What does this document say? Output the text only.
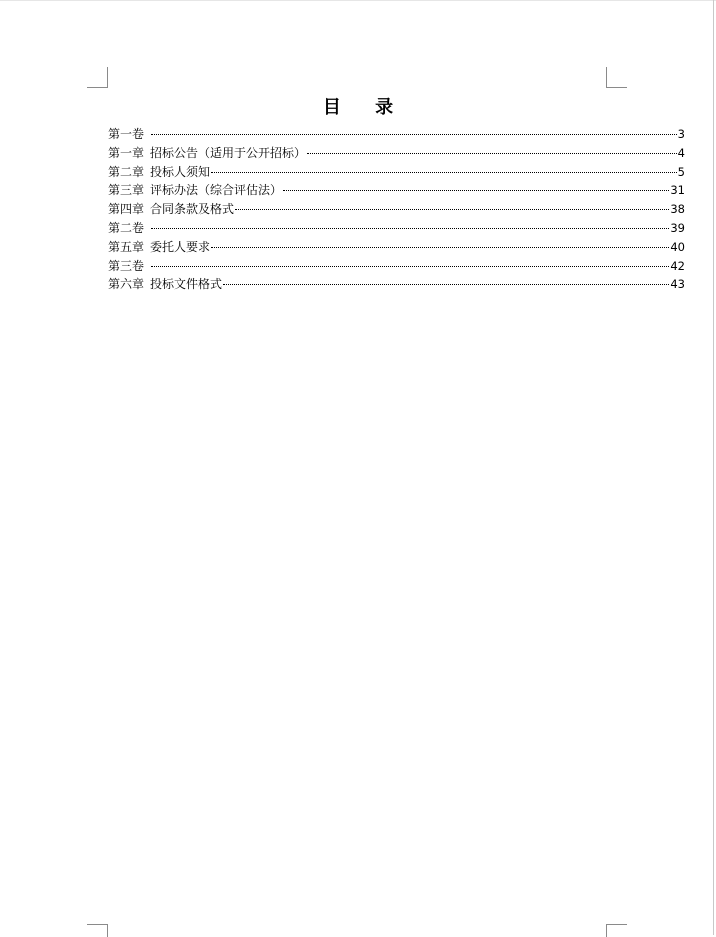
目 录
第一卷	3
第一章 招标公告（适用于公开招标）	4
第二章 投标人须知	5
第三章 评标办法（综合评估法）	31
第四章 合同条款及格式	38
第二卷	39
第五章 委托人要求	40
第三卷	42
第六章 投标文件格式	43
